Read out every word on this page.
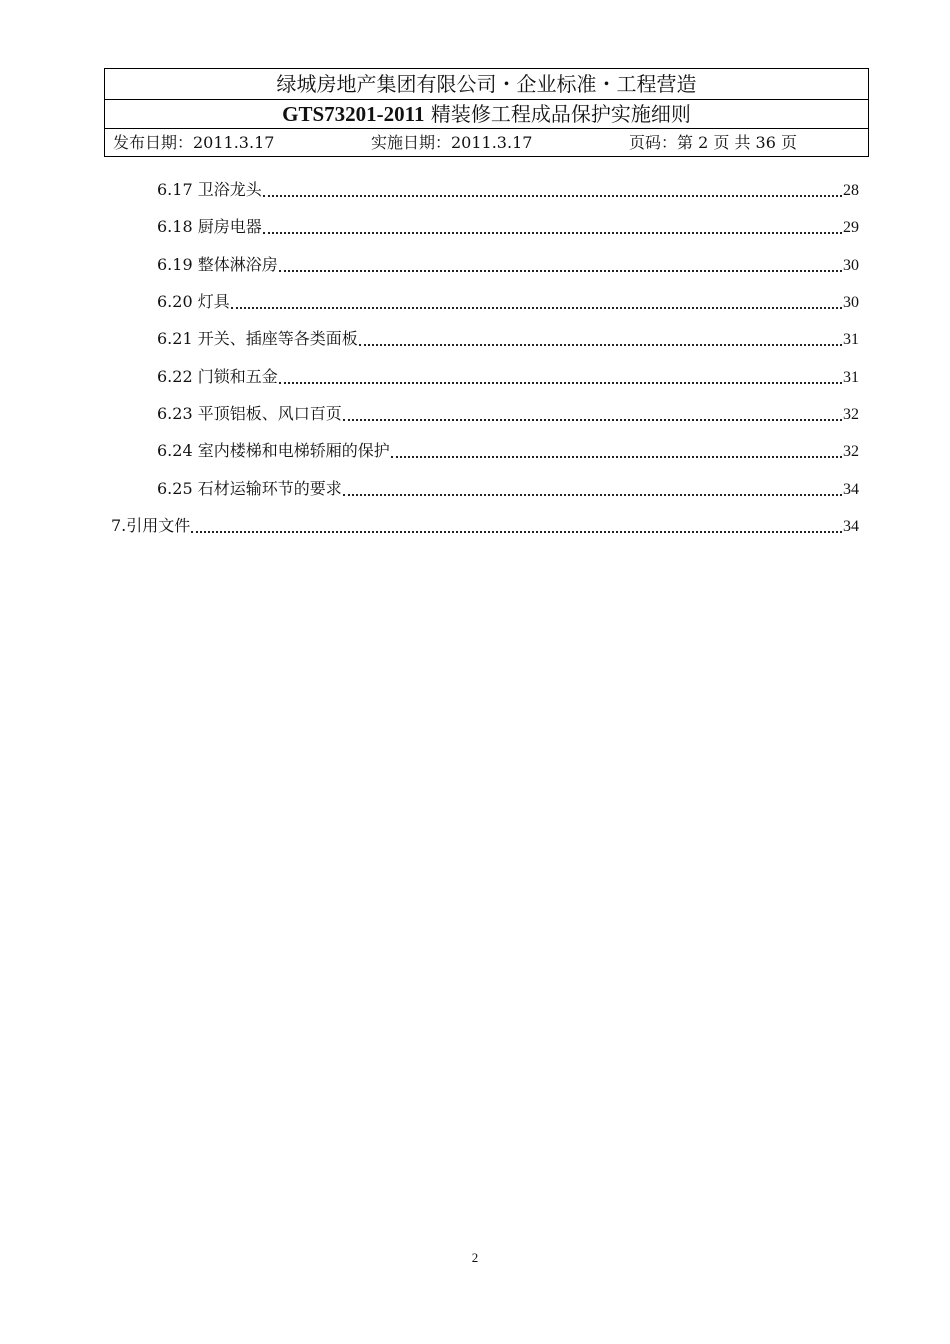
绿城房地产集团有限公司・企业标准・工程营造
GTS73201-2011 精装修工程成品保护实施细则
发布日期：2011.3.17	实施日期：2011.3.17	页码：第 2 页 共 36 页
6.17 卫浴龙头	28
6.18 厨房电器	29
6.19 整体淋浴房	30
6.20 灯具	30
6.21 开关、插座等各类面板	31
6.22 门锁和五金	31
6.23 平顶铝板、风口百页	32
6.24 室内楼梯和电梯轿厢的保护	32
6.25 石材运输环节的要求	34
7.引用文件	34
2
